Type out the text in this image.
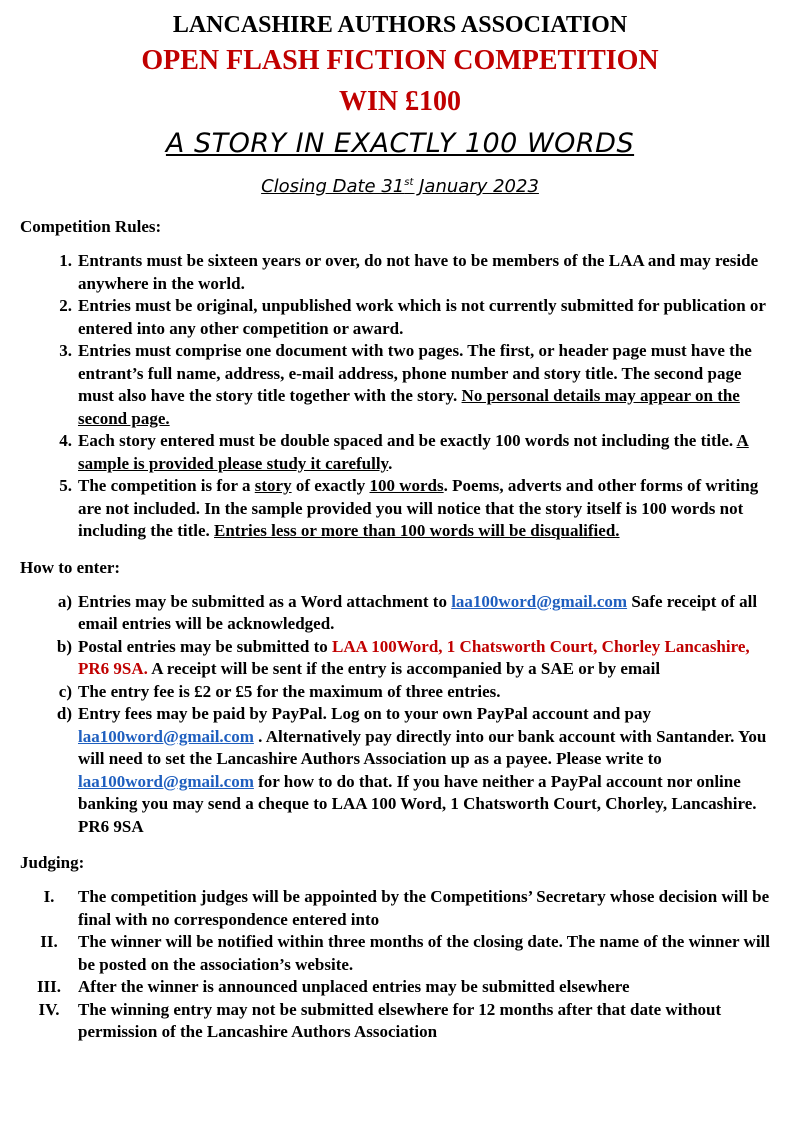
LANCASHIRE AUTHORS ASSOCIATION
OPEN FLASH FICTION COMPETITION
WIN £100
A STORY IN EXACTLY 100 WORDS
Closing Date 31st January 2023
Competition Rules:
1. Entrants must be sixteen years or over, do not have to be members of the LAA and may reside anywhere in the world.
2. Entries must be original, unpublished work which is not currently submitted for publication or entered into any other competition or award.
3. Entries must comprise one document with two pages. The first, or header page must have the entrant’s full name, address, e-mail address, phone number and story title. The second page must also have the story title together with the story. No personal details may appear on the second page.
4. Each story entered must be double spaced and be exactly 100 words not including the title. A sample is provided please study it carefully.
5. The competition is for a story of exactly 100 words. Poems, adverts and other forms of writing are not included. In the sample provided you will notice that the story itself is 100 words not including the title. Entries less or more than 100 words will be disqualified.
How to enter:
a) Entries may be submitted as a Word attachment to laa100word@gmail.com Safe receipt of all email entries will be acknowledged.
b) Postal entries may be submitted to LAA 100Word, 1 Chatsworth Court, Chorley Lancashire, PR6 9SA. A receipt will be sent if the entry is accompanied by a SAE or by email
c) The entry fee is £2 or £5 for the maximum of three entries.
d) Entry fees may be paid by PayPal. Log on to your own PayPal account and pay laa100word@gmail.com . Alternatively pay directly into our bank account with Santander. You will need to set the Lancashire Authors Association up as a payee. Please write to laa100word@gmail.com for how to do that. If you have neither a PayPal account nor online banking you may send a cheque to LAA 100 Word, 1 Chatsworth Court, Chorley, Lancashire. PR6 9SA
Judging:
I.	The competition judges will be appointed by the Competitions’ Secretary whose decision will be final with no correspondence entered into
II.	The winner will be notified within three months of the closing date. The name of the winner will be posted on the association’s website.
III. After the winner is announced unplaced entries may be submitted elsewhere
IV.	The winning entry may not be submitted elsewhere for 12 months after that date without permission of the Lancashire Authors Association
